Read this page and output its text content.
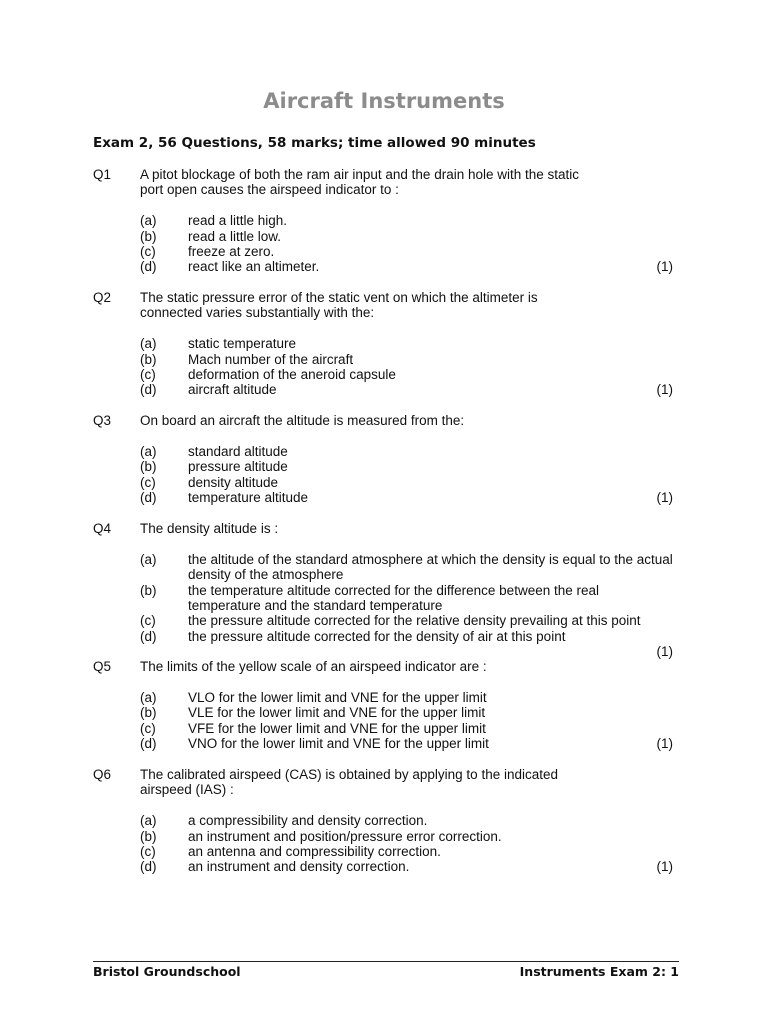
Aircraft Instruments
Exam 2, 56 Questions, 58 marks; time allowed 90 minutes
Q1	A pitot blockage of both the ram air input and the drain hole with the static port open causes the airspeed indicator to :
(a)	read a little high.
(b)	read a little low.
(c)	freeze at zero.
(d)	react like an altimeter.	(1)
Q2	The static pressure error of the static vent on which the altimeter is connected varies substantially with the:
(a)	static temperature
(b)	Mach number of the aircraft
(c)	deformation of the aneroid capsule
(d)	aircraft altitude	(1)
Q3	On board an aircraft the altitude is measured from the:
(a)	standard altitude
(b)	pressure altitude
(c)	density altitude
(d)	temperature altitude	(1)
Q4	The density altitude is :
(a)	the altitude of the standard atmosphere at which the density is equal to the actual density of the atmosphere
(b)	the temperature altitude corrected for the difference between the real temperature and the standard temperature
(c)	the pressure altitude corrected for the relative density prevailing at this point
(d)	the pressure altitude corrected for the density of air at this point
(1)
Q5	The limits of the yellow scale of an airspeed indicator are :
(a)	VLO for the lower limit and VNE for the upper limit
(b)	VLE for the lower limit and VNE for the upper limit
(c)	VFE for the lower limit and VNE for the upper limit
(d)	VNO for the lower limit and VNE for the upper limit	(1)
Q6	The calibrated airspeed (CAS) is obtained by applying to the indicated airspeed (IAS) :
(a)	a compressibility and density correction.
(b)	an instrument and position/pressure error correction.
(c)	an antenna and compressibility correction.
(d)	an instrument and density correction.	(1)
Bristol Groundschool	Instruments Exam 2: 1
